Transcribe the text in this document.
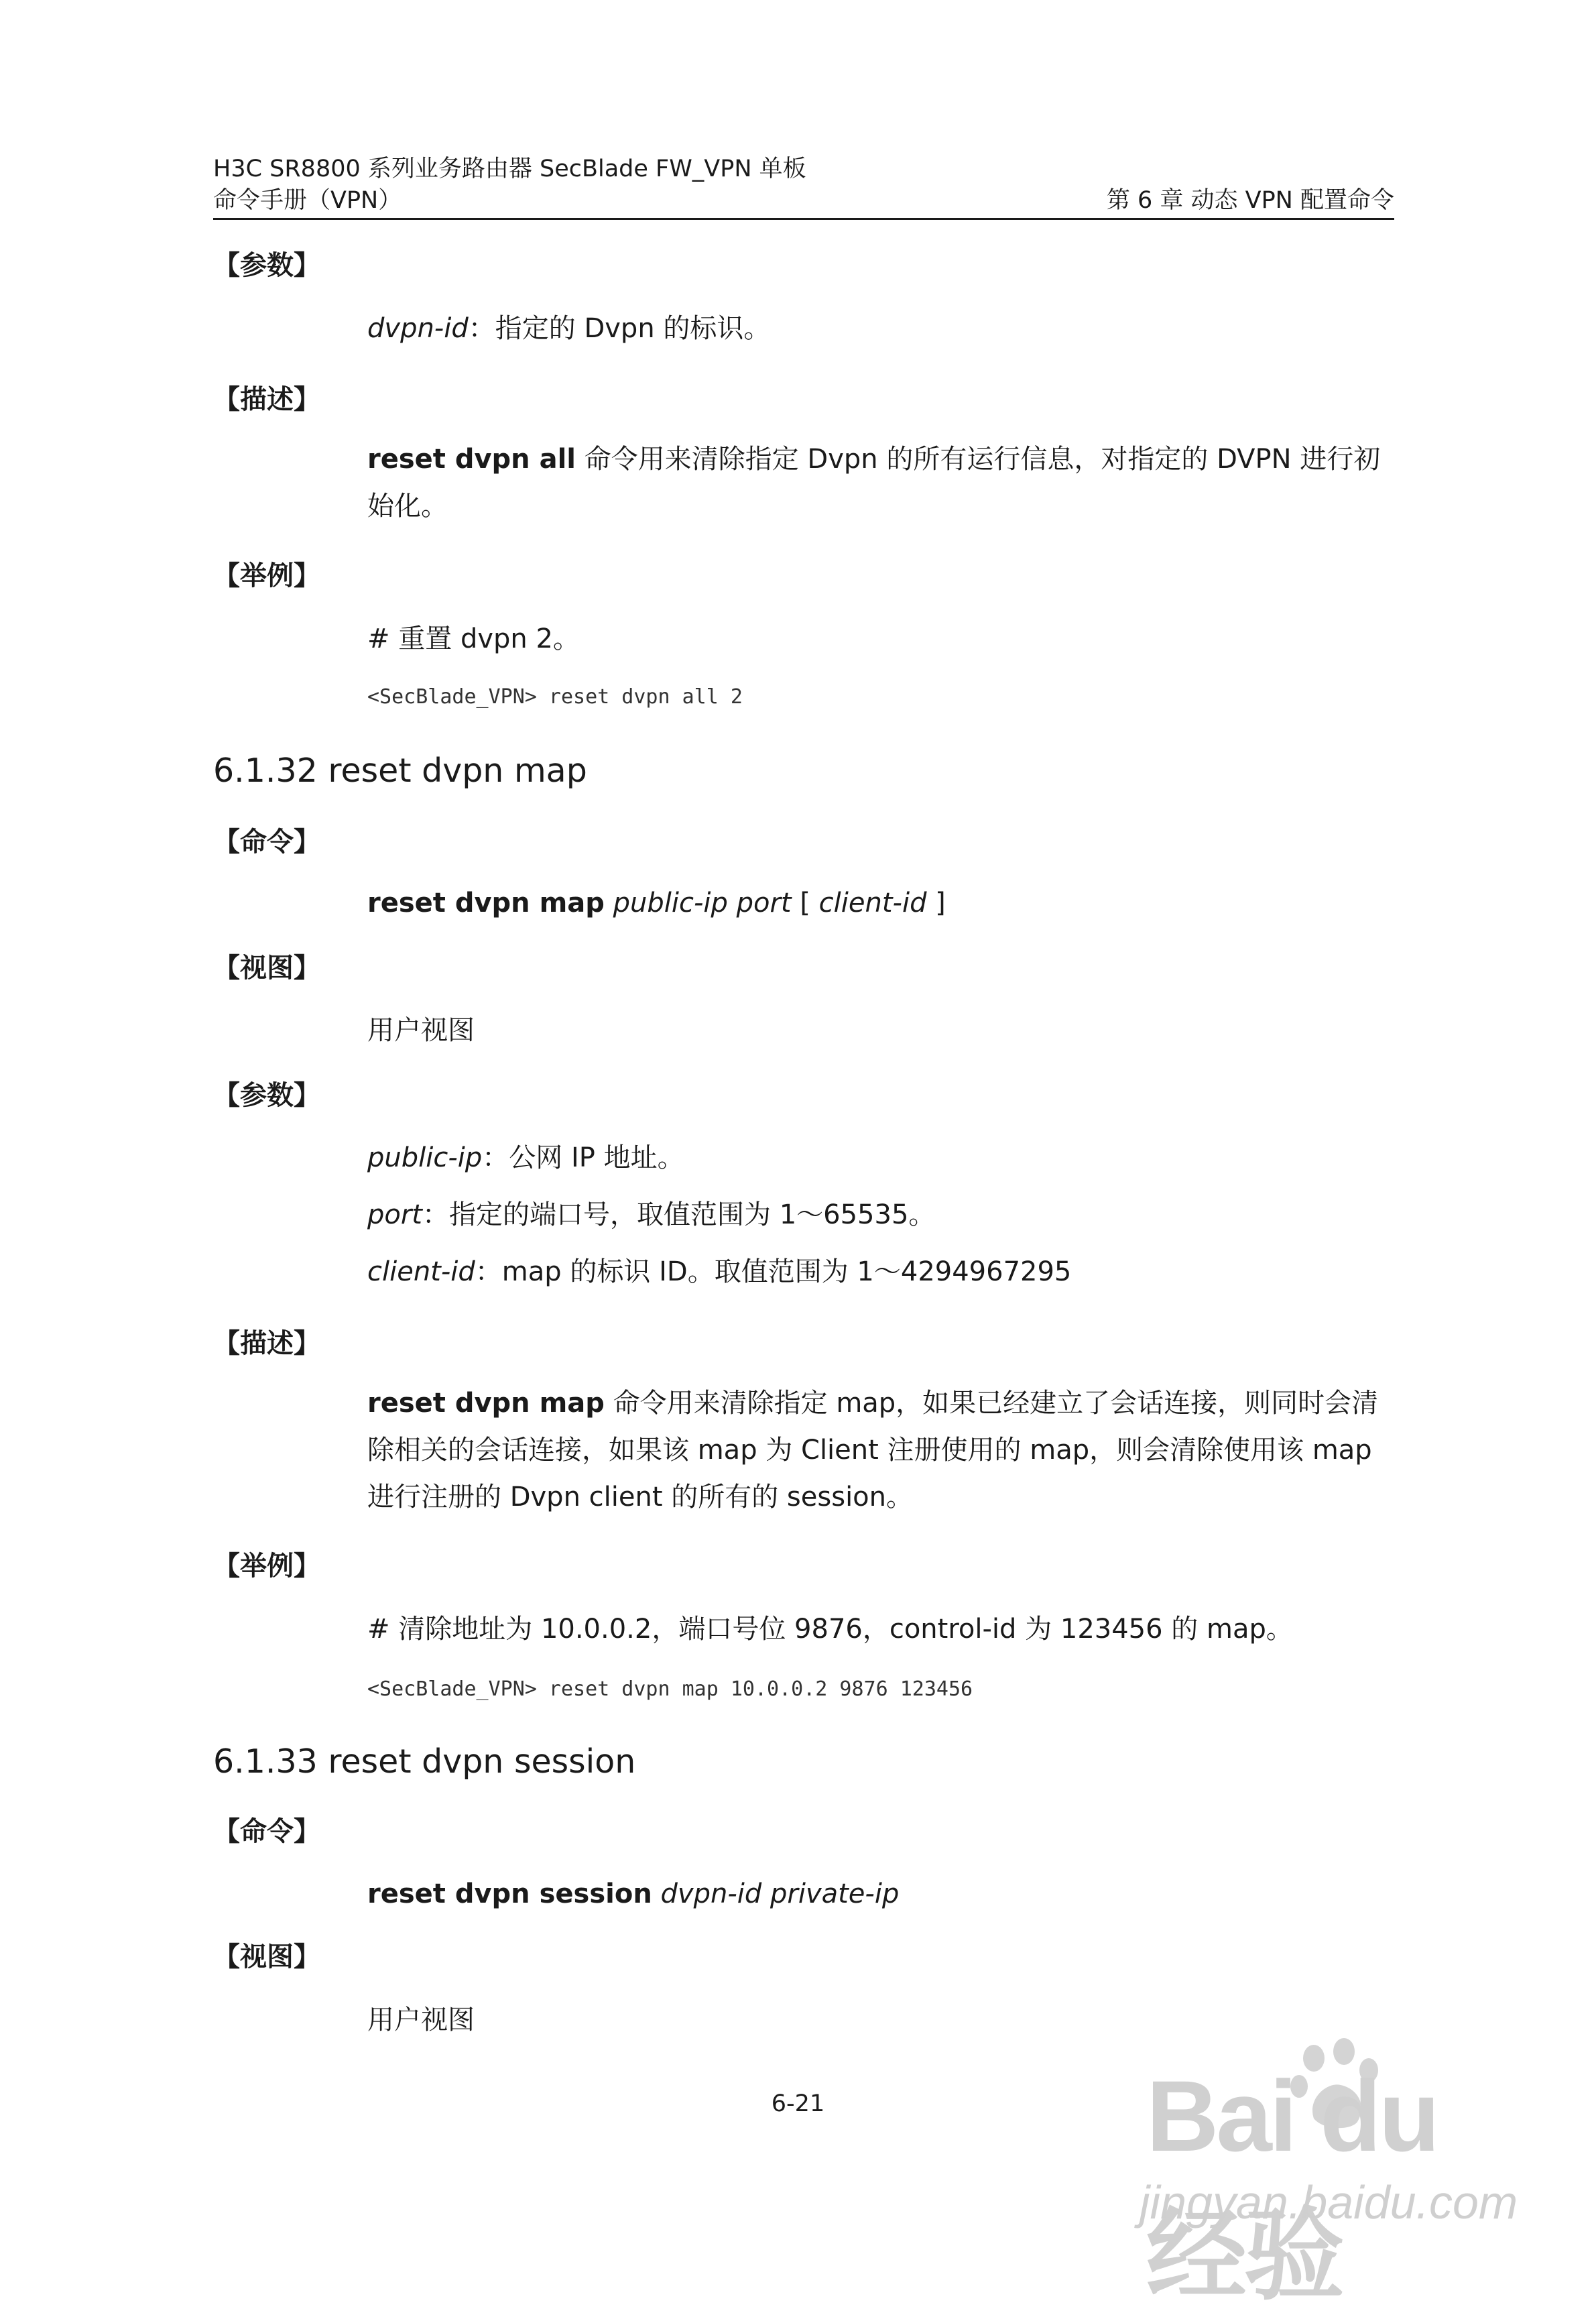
H3C SR8800 系列业务路由器 SecBlade FW_VPN 单板
命令手册（VPN）	第 6 章 动态 VPN 配置命令
【参数】
dvpn-id：指定的 Dvpn 的标识。
【描述】
reset dvpn all 命令用来清除指定 Dvpn 的所有运行信息，对指定的 DVPN 进行初始化。
【举例】
# 重置 dvpn 2。
<SecBlade_VPN> reset dvpn all 2
6.1.32 reset dvpn map
【命令】
reset dvpn map public-ip port [ client-id ]
【视图】
用户视图
【参数】
public-ip：公网 IP 地址。
port：指定的端口号，取值范围为 1～65535。
client-id：map 的标识 ID。取值范围为 1～4294967295
【描述】
reset dvpn map 命令用来清除指定 map，如果已经建立了会话连接，则同时会清除相关的会话连接，如果该 map 为 Client 注册使用的 map，则会清除使用该 map 进行注册的 Dvpn client 的所有的 session。
【举例】
# 清除地址为 10.0.0.2，端口号位 9876，control-id 为 123456 的 map。
<SecBlade_VPN> reset dvpn map 10.0.0.2 9876 123456
6.1.33 reset dvpn session
【命令】
reset dvpn session dvpn-id private-ip
【视图】
用户视图
6-21	Bai du 经验
jingyan.baidu.com
